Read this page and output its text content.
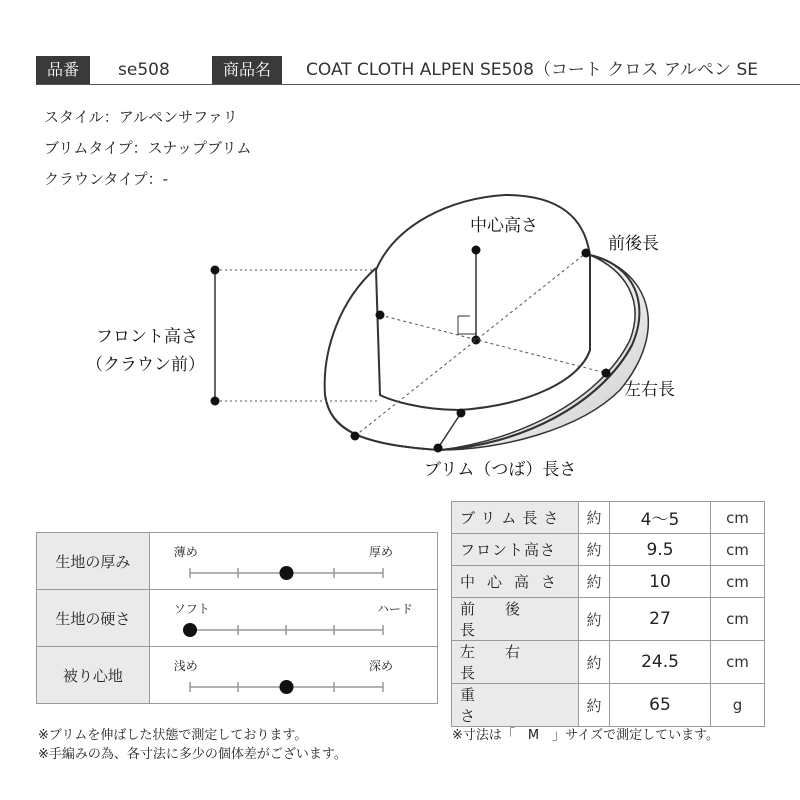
品番	se508	商品名	COAT CLOTH ALPEN SE508（コート クロス アルペン SE
スタイル：アルペンサファリ
ブリムタイプ：スナップブリム
クラウンタイプ：-
中心高さ
前後長
フロント高さ
（クラウン前）
左右長
ブリム（つば）長さ
生地の厚み	薄め 厚め

生地の硬さ	ソフト ハード

被り心地	浅め 深め
ブリム長さ	約	4〜5	cm
フロント高さ	約	9.5	cm
中心高さ	約	10	cm
前後長	約	27	cm
左右長	約	24.5	cm
重さ	約	65	g
※ブリムを伸ばした状態で測定しております。
※手編みの為、各寸法に多少の個体差がございます。
※寸法は「　M　」サイズで測定しています。
